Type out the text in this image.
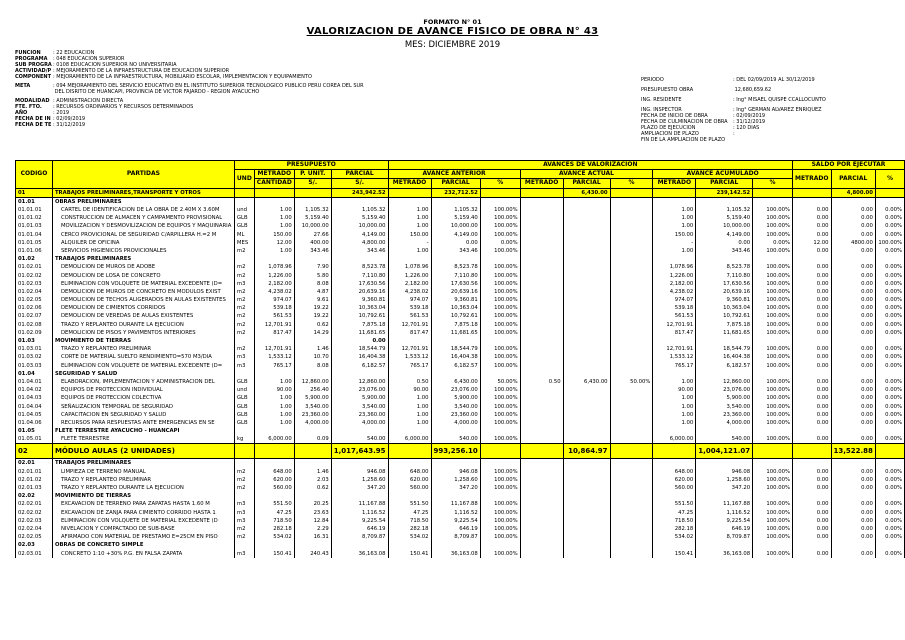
FORMATO N° 01
VALORIZACION DE AVANCE FISICO DE OBRA N° 43
MES: DICIEMBRE 2019
FUNCION : 22 EDUCACION
PROGRAMA : 048 EDUCACION SUPERIOR
SUB PROGRA: 0108 EDUCACION SUPERIOR NO UNIVERSITARIA
ACTIVIDAD/P : MEJORAMIENTO DE LA INFRAESTRUCTURA DE EDUCACION SUPERIOR
COMPONENT : MEJORAMIENTO DE LA INFRAESTRUCTURA, MOBILIARIO ESCOLAR, IMPLEMENTACION Y EQUIPAMIENTO
META	: 094 MEJORAMIENTO DEL SERVICIO EDUCATIVO EN EL INSTITUTO SUPERIOR TECNOLOGICO PUBLICO PERU COREA DEL SUR
DEL DISRITO DE HUANCAPI, PROVINCIA DE VICTOR FAJARDO - REGION AYACUCHO
MODALIDAD : ADMINISTRACION DIRECTA
FTE. FTO. : RECURSOS ORDINARIOS Y RECURSOS DETERMINADOS
AÑO	: 2019
FECHA DE IN : 02/09/2019
FECHA DE TE : 31/12/2019
PERIODO	: DEL 02/09/2019 AL 30/12/2019
PRESUPUESTO OBRA	12,680,659.62
ING. RESIDENTE	: Ing° MISAEL QUISPE CCALLOCUNTO
ING. INSPECTOR	: Ing° GERMAN ALVAREZ ENRIQUEZ
FECHA DE INICIO DE OBRA	: 02/09/2019
FECHA DE CULMINACION DE OBRA : 31/12/2019
PLAZO DE EJECUCION	: 120 DIAS
AMPLIACION DE PLAZO	:
FIN DE LA AMPLIACION DE PLAZO
CODIGO	PARTIDAS	PRESUPUESTO				AVANCES DE VALORIZACION									SALDO POR EJECUTAR		
		UND	METRADO	P. UNIT.	PARCIAL	AVANCE ANTERIOR			AVANCE ACTUAL			AVANCE ACUMULADO			METRADO	PARCIAL	%
			CANTIDAD	S/.	S/.	METRADO	PARCIAL	%	METRADO	PARCIAL	%	METRADO	PARCIAL	%			
01	TRABAJOS PRELIMINARES,TRANSPORTE Y OTROS				243,942.52		232,712.52			6,430.00			239,142.52			4,800.00	
01.01	OBRAS PRELIMINARES																
01.01.01	CARTEL DE IDENTIFICACION DE LA OBRA DE 2.40M X 3.60M	und	1.00	1,105.32	1,105.32	1.00	1,105.32	100.00%				1.00	1,105.32	100.00%	0.00	0.00	0.00%
01.01.02	CONSTRUCCION DE ALMACEN Y CAMPAMENTO PROVISIONAL	GLB	1.00	5,159.40	5,159.40	1.00	5,159.40	100.00%				1.00	5,159.40	100.00%	0.00	0.00	0.00%
01.01.03	MOVILIZACION Y DESMOVILIZACION DE EQUIPOS Y MAQUINARIA	GLB	1.00	10,000.00	10,000.00	1.00	10,000.00	100.00%				1.00	10,000.00	100.00%	0.00	0.00	0.00%
01.01.04	CERCO PROVICIONAL DE SEGURIDAD C/ARPILLERA H.=2 M	ML	150.00	27.66	4,149.00	150.00	4,149.00	100.00%				150.00	4,149.00	100.00%	0.00	0.00	0.00%
01.01.05	ALQUILER DE OFICINA	MES	12.00	400.00	4,800.00	-	0.00	0.00%				-	0.00	0.00%	12.00	4800.00	100.00%
01.01.06	SERVICIOS HIGIENICOS PROVICIONALES	m2	1.00	343.46	343.46	1.00	343.46	100.00%				1.00	343.46	100.00%	0.00	0.00	0.00%
01.02	TRABAJOS PRELIMINARES																
01.02.01	DEMOLICION DE MUROS DE ADOBE	m2	1,078.96	7.90	8,523.78	1,078.96	8,523.78	100.00%				1,078.96	8,523.78	100.00%	0.00	0.00	0.00%
01.02.02	DEMOLICION DE LOSA DE CONCRETO	m2	1,226.00	5.80	7,110.80	1,226.00	7,110.80	100.00%				1,226.00	7,110.80	100.00%	0.00	0.00	0.00%
01.02.03	ELIMINACION CON VOLQUETE DE MATERIAL EXCEDENTE (D=	m3	2,182.00	8.08	17,630.56	2,182.00	17,630.56	100.00%				2,182.00	17,630.56	100.00%	0.00	0.00	0.00%
01.02.04	DEMOLICION DE MUROS DE CONCRETO EN MODULOS EXIST	m2	4,238.02	4.87	20,639.16	4,238.02	20,639.16	100.00%				4,238.02	20,639.16	100.00%	0.00	0.00	0.00%
01.02.05	DEMOLICION DE TECHOS ALIGERADOS EN AULAS EXISTENTES	m2	974.07	9.61	9,360.81	974.07	9,360.81	100.00%				974.07	9,360.81	100.00%	0.00	0.00	0.00%
01.02.06	DEMOLICION DE CIMIENTOS CORRIDOS	m2	539.18	19.22	10,363.04	539.18	10,363.04	100.00%				539.18	10,363.04	100.00%	0.00	0.00	0.00%
01.02.07	DEMOLICION DE VEREDAS DE AULAS EXISTENTES	m2	561.53	19.22	10,792.61	561.53	10,792.61	100.00%				561.53	10,792.61	100.00%	0.00	0.00	0.00%
01.02.08	TRAZO Y REPLANTEO DURANTE LA EJECUCION	m2	12,701.91	0.62	7,875.18	12,701.91	7,875.18	100.00%				12,701.91	7,875.18	100.00%	0.00	0.00	0.00%
01.02.09	DEMOLICION DE PISOS Y PAVIMENTOS INTERIORES	m2	817.47	14.29	11,681.65	817.47	11,681.65	100.00%				817.47	11,681.65	100.00%	0.00	0.00	0.00%
01.03	MOVIMIENTO DE TIERRAS				0.00												
01.03.01	TRAZO Y REPLANTEO PRELIMINAR	m2	12,701.91	1.46	18,544.79	12,701.91	18,544.79	100.00%				12,701.91	18,544.79	100.00%	0.00	0.00	0.00%
01.03.02	CORTE DE MATERIAL SUELTO RENDIMIENTO=570 M3/DIA	m3	1,533.12	10.70	16,404.38	1,533.12	16,404.38	100.00%				1,533.12	16,404.38	100.00%	0.00	0.00	0.00%
01.03.03	ELIMINACION CON VOLQUETE DE MATERIAL EXCEDENTE (D=	m3	765.17	8.08	6,182.57	765.17	6,182.57	100.00%				765.17	6,182.57	100.00%	0.00	0.00	0.00%
01.04	SEGURIDAD Y SALUD																
01.04.01	ELABORACION, IMPLEMENTACION Y ADMINISTRACION DEL	GLB	1.00	12,860.00	12,860.00	0.50	6,430.00	50.00%	0.50	6,430.00	50.00%	1.00	12,860.00	100.00%	0.00	0.00	0.00%
01.04.02	EQUIPOS DE PROTECCION INDIVIDUAL	und	90.00	256.40	23,076.00	90.00	23,076.00	100.00%				90.00	23,076.00	100.00%	0.00	0.00	0.00%
01.04.03	EQUIPOS DE PROTECCION COLECTIVA	GLB	1.00	5,900.00	5,900.00	1.00	5,900.00	100.00%				1.00	5,900.00	100.00%	0.00	0.00	0.00%
01.04.04	SEÑALIZACION TEMPORAL DE SEGURIDAD	GLB	1.00	3,540.00	3,540.00	1.00	3,540.00	100.00%				1.00	3,540.00	100.00%	0.00	0.00	0.00%
01.04.05	CAPACITACION EN SEGURIDAD Y SALUD	GLB	1.00	23,360.00	23,360.00	1.00	23,360.00	100.00%				1.00	23,360.00	100.00%	0.00	0.00	0.00%
01.04.06	RECURSOS PARA RESPUESTAS ANTE EMERGENCIAS EN SE	GLB	1.00	4,000.00	4,000.00	1.00	4,000.00	100.00%				1.00	4,000.00	100.00%	0.00	0.00	0.00%
01.05	FLETE TERRESTRE AYACUCHO - HUANCAPI																
01.05.01	FLETE TERRESTRE	kg	6,000.00	0.09	540.00	6,000.00	540.00	100.00%				6,000.00	540.00	100.00%	0.00	0.00	0.00%
02	MÓDULO AULAS (2 UNIDADES)				1,017,643.95		993,256.10			10,864.97			1,004,121.07			13,522.88	
02.01	TRABAJOS PRELIMINARES																
02.01.01	LIMPIEZA DE TERRENO MANUAL	m2	648.00	1.46	946.08	648.00	946.08	100.00%				648.00	946.08	100.00%	0.00	0.00	0.00%
02.01.02	TRAZO Y REPLANTEO PRELIMINAR	m2	620.00	2.03	1,258.60	620.00	1,258.60	100.00%				620.00	1,258.60	100.00%	0.00	0.00	0.00%
02.01.03	TRAZO Y REPLANTEO DURANTE LA EJECUCION	m2	560.00	0.62	347.20	560.00	347.20	100.00%				560.00	347.20	100.00%	0.00	0.00	0.00%
02.02	MOVIMIENTO DE TIERRAS																
02.02.01	EXCAVACION DE TERRENO PARA ZAPATAS HASTA 1.60 M	m3	551.50	20.25	11,167.88	551.50	11,167.88	100.00%				551.50	11,167.88	100.00%	0.00	0.00	0.00%
02.02.02	EXCAVACION DE ZANJA PARA CIMIENTO CORRIDO HASTA 1	m3	47.25	23.63	1,116.52	47.25	1,116.52	100.00%				47.25	1,116.52	100.00%	0.00	0.00	0.00%
02.02.03	ELIMINACION CON VOLQUETE DE MATERIAL EXCEDENTE (D	m3	718.50	12.84	9,225.54	718.50	9,225.54	100.00%				718.50	9,225.54	100.00%	0.00	0.00	0.00%
02.02.04	NIVELACION Y COMPACTADO DE SUB-BASE	m2	282.18	2.29	646.19	282.18	646.19	100.00%				282.18	646.19	100.00%	0.00	0.00	0.00%
02.02.05	AFIRMADO CON MATERIAL DE PRESTAMO E=25CM EN PISO	m2	534.02	16.31	8,709.87	534.02	8,709.87	100.00%				534.02	8,709.87	100.00%	0.00	0.00	0.00%
02.03	OBRAS DE CONCRETO SIMPLE																
02.03.01	CONCRETO 1:10 +30% P.G. EN FALSA ZAPATA	m3	150.41	240.43	36,163.08	150.41	36,163.08	100.00%				150.41	36,163.08	100.00%	0.00	0.00	0.00%
